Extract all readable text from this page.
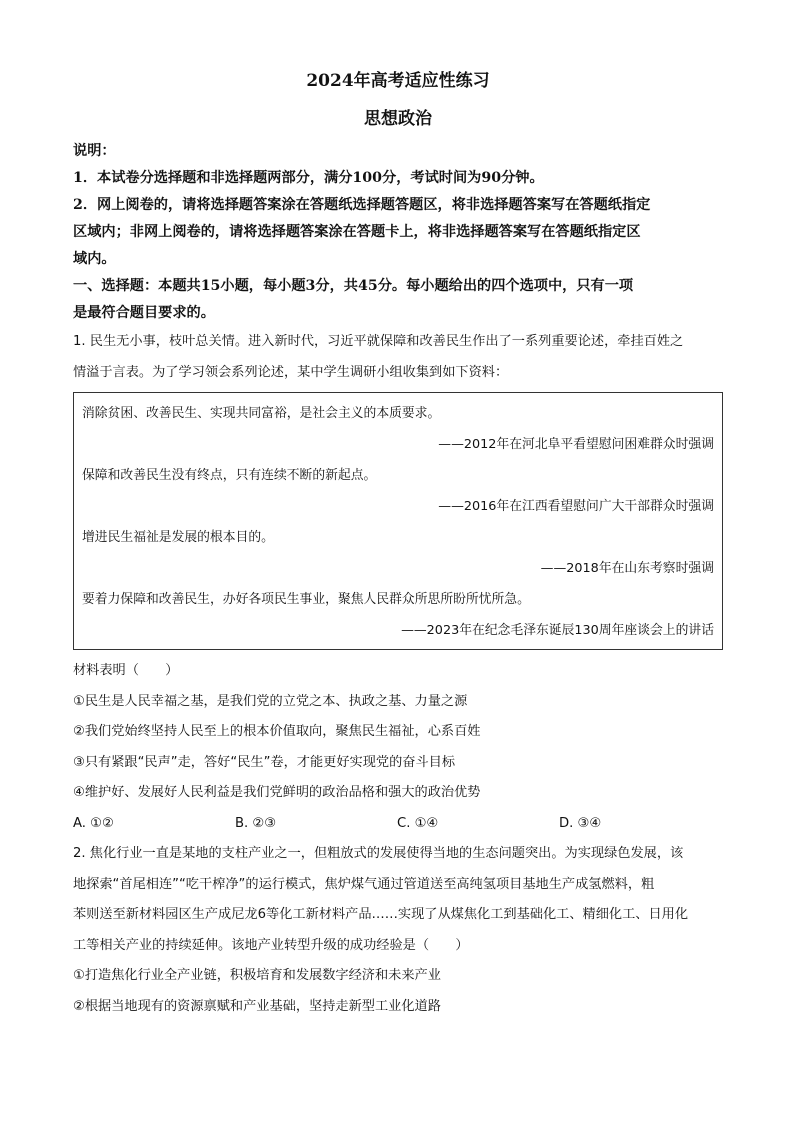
2024年高考适应性练习

思想政治

说明：

1．本试卷分选择题和非选择题两部分，满分100分，考试时间为90分钟。

2．网上阅卷的，请将选择题答案涂在答题纸选择题答题区，将非选择题答案写在答题纸指定

区域内；非网上阅卷的，请将选择题答案涂在答题卡上，将非选择题答案写在答题纸指定区

域内。

一、选择题：本题共15小题，每小题3分，共45分。每小题给出的四个选项中，只有一项

是最符合题目要求的。

1. 民生无小事，枝叶总关情。进入新时代，习近平就保障和改善民生作出了一系列重要论述，牵挂百姓之

情溢于言表。为了学习领会系列论述，某中学生调研小组收集到如下资料：

消除贫困、改善民生、实现共同富裕，是社会主义的本质要求。

——2012年在河北阜平看望慰问困难群众时强调

保障和改善民生没有终点，只有连续不断的新起点。

——2016年在江西看望慰问广大干部群众时强调

增进民生福祉是发展的根本目的。

——2018年在山东考察时强调

要着力保障和改善民生，办好各项民生事业，聚焦人民群众所思所盼所忧所急。

——2023年在纪念毛泽东诞辰130周年座谈会上的讲话

材料表明（　　）

①民生是人民幸福之基，是我们党的立党之本、执政之基、力量之源

②我们党始终坚持人民至上的根本价值取向，聚焦民生福祉，心系百姓

③只有紧跟“民声”走，答好“民生”卷，才能更好实现党的奋斗目标

④维护好、发展好人民利益是我们党鲜明的政治品格和强大的政治优势

A. ①②	B. ②③	C. ①④	D. ③④

2. 焦化行业一直是某地的支柱产业之一，但粗放式的发展使得当地的生态问题突出。为实现绿色发展，该

地探索“首尾相连”“吃干榨净”的运行模式，焦炉煤气通过管道送至高纯氢项目基地生产成氢燃料，粗

苯则送至新材料园区生产成尼龙6等化工新材料产品……实现了从煤焦化工到基础化工、精细化工、日用化

工等相关产业的持续延伸。该地产业转型升级的成功经验是（　　）

①打造焦化行业全产业链，积极培育和发展数字经济和未来产业

②根据当地现有的资源禀赋和产业基础，坚持走新型工业化道路
